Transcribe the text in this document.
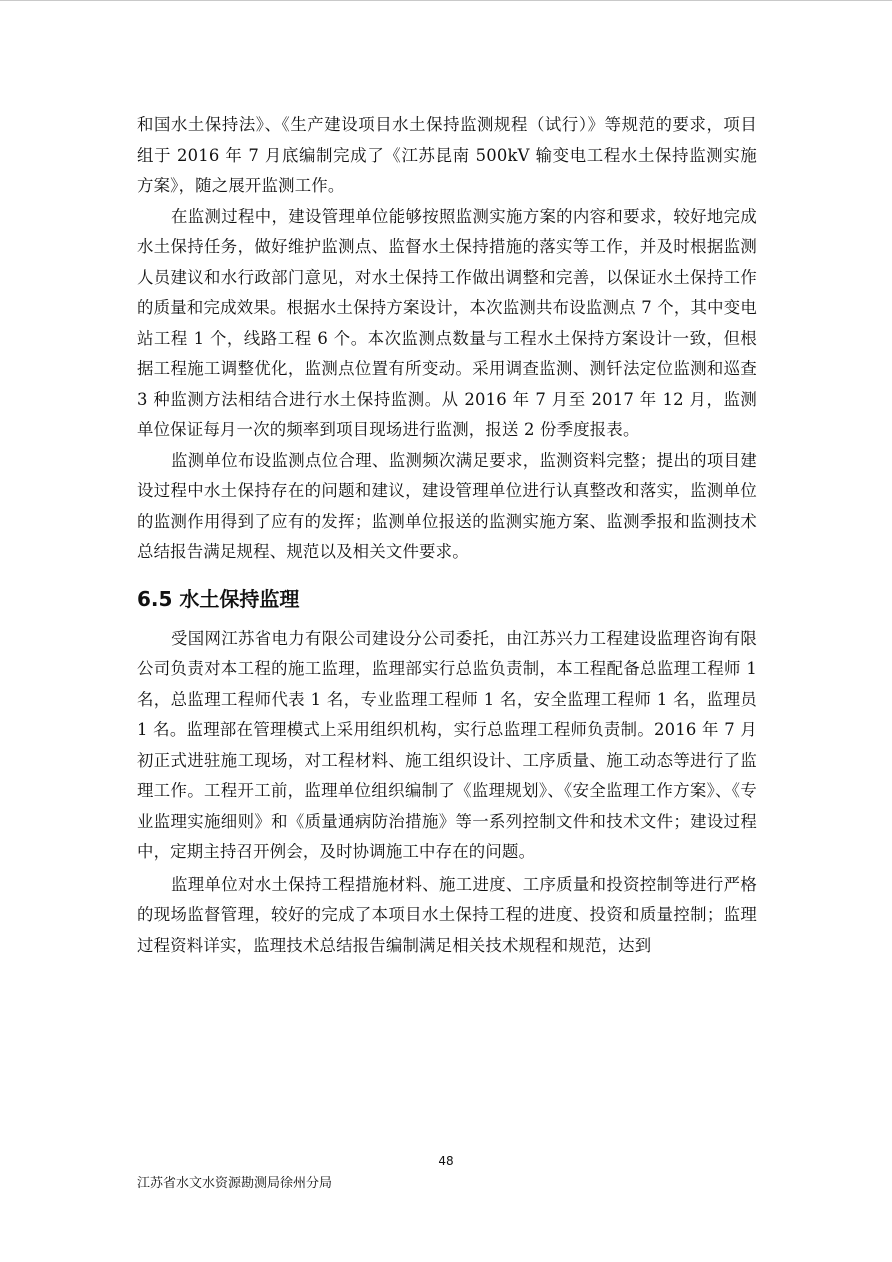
和国水土保持法》、《生产建设项目水土保持监测规程（试行）》等规范的要求，项目组于 2016 年 7 月底编制完成了《江苏昆南 500kV 输变电工程水土保持监测实施方案》，随之展开监测工作。

在监测过程中，建设管理单位能够按照监测实施方案的内容和要求，较好地完成水土保持任务，做好维护监测点、监督水土保持措施的落实等工作，并及时根据监测人员建议和水行政部门意见，对水土保持工作做出调整和完善，以保证水土保持工作的质量和完成效果。根据水土保持方案设计，本次监测共布设监测点 7 个，其中变电站工程 1 个，线路工程 6 个。本次监测点数量与工程水土保持方案设计一致，但根据工程施工调整优化，监测点位置有所变动。采用调查监测、测钎法定位监测和巡查 3 种监测方法相结合进行水土保持监测。从 2016 年 7 月至 2017 年 12 月，监测单位保证每月一次的频率到项目现场进行监测，报送 2 份季度报表。

监测单位布设监测点位合理、监测频次满足要求，监测资料完整；提出的项目建设过程中水土保持存在的问题和建议，建设管理单位进行认真整改和落实，监测单位的监测作用得到了应有的发挥；监测单位报送的监测实施方案、监测季报和监测技术总结报告满足规程、规范以及相关文件要求。

6.5 水土保持监理

受国网江苏省电力有限公司建设分公司委托，由江苏兴力工程建设监理咨询有限公司负责对本工程的施工监理，监理部实行总监负责制，本工程配备总监理工程师 1 名，总监理工程师代表 1 名，专业监理工程师 1 名，安全监理工程师 1 名，监理员 1 名。监理部在管理模式上采用组织机构，实行总监理工程师负责制。2016 年 7 月初正式进驻施工现场，对工程材料、施工组织设计、工序质量、施工动态等进行了监理工作。工程开工前，监理单位组织编制了《监理规划》、《安全监理工作方案》、《专业监理实施细则》和《质量通病防治措施》等一系列控制文件和技术文件；建设过程中，定期主持召开例会，及时协调施工中存在的问题。

监理单位对水土保持工程措施材料、施工进度、工序质量和投资控制等进行严格的现场监督管理，较好的完成了本项目水土保持工程的进度、投资和质量控制；监理过程资料详实，监理技术总结报告编制满足相关技术规程和规范，达到

48
江苏省水文水资源勘测局徐州分局
